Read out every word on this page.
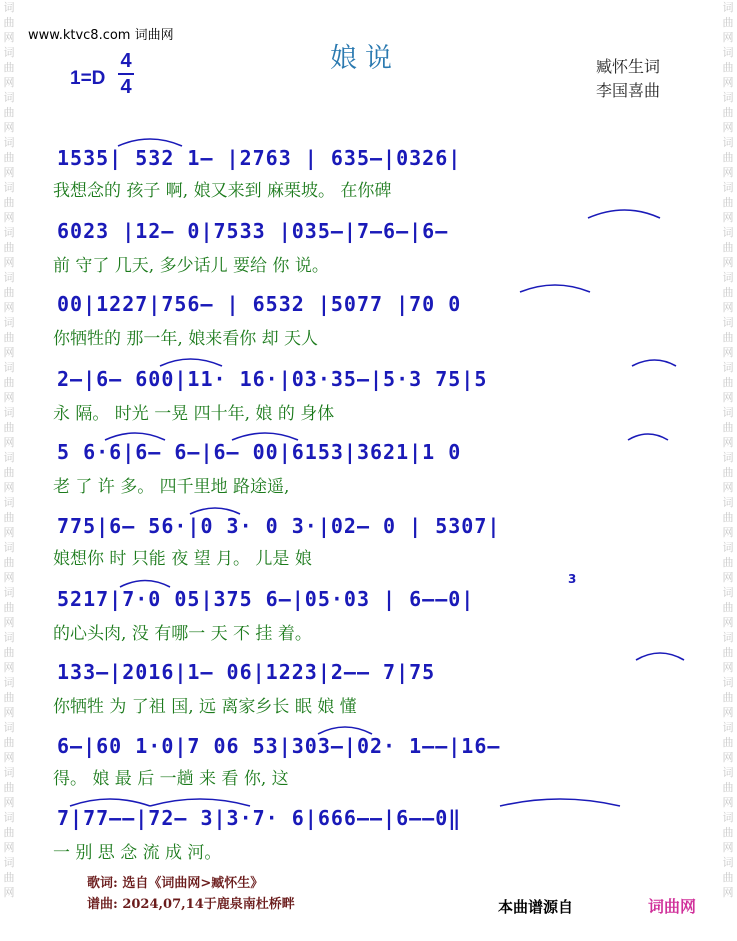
词
曲
网
词
曲
网
词
曲
网
词
曲
网
词
曲
网
词
曲
网
词
曲
网
词
曲
网
词
曲
网
词
曲
网
词
曲
网
词
曲
网
词
曲
网
词
曲
网
词
曲
网
词
曲
网
词
曲
网
词
曲
网
词
曲
网
词
曲
网
词
曲
网
词
曲
网
词
曲
网
词
曲
网
词
曲
网
词
曲
网
词
曲
网
词
曲
网
词
曲
网
词
曲
网
词
曲
网
词
曲
网
词
曲
网
词
曲
网
词
曲
网
词
曲
网
词
曲
网
词
曲
网
词
曲
网
词
曲
网
www.ktvc8.com 词曲网
娘说
1=D
4
4
臧怀生词
李国喜曲
1535| 532 1— |2763 | 635—|0326|
我想念的 孩子 啊, 娘又来到 麻栗坡。 在你碑
6023 |12— 0|7533 |035—|7—6—|6—
前 守了 几天, 多少话儿 要给 你 说。
00|1227|756— | 6532 |5077 |70 0
你牺牲的 那一年, 娘来看你 却 天人
2—|6— 600|11· 16·|03·35—|5·3 75|5
永 隔。 时光 一晃 四十年, 娘 的 身体
5 6·6|6— 6—|6— 00|6153|3621|1 0
老 了 许 多。 四千里地 路途遥,
775|6— 56·|0 3· 0 3·|02— 0 | 5307|
娘想你 时 只能 夜 望 月。 儿是 娘
5217|7·0 05|375 6—|05·03 | 6——0|
的心头肉, 没 有哪一 天 不 挂 着。
3
133—|2016|1— 06|1223|2—— 7|75
你牺牲 为 了祖 国, 远 离家乡长 眠 娘 懂
6—|60 1·0|7 06 53|303—|02· 1——|16—
得。 娘 最 后 一趟 来 看 你, 这
7|77——|72— 3|3·7· 6|666——|6——0‖
一 别 思 念 流 成 河。
歌词: 选自《词曲网>臧怀生》
谱曲: 2024,07,14于鹿泉南杜桥畔	本曲谱源自	词曲网
